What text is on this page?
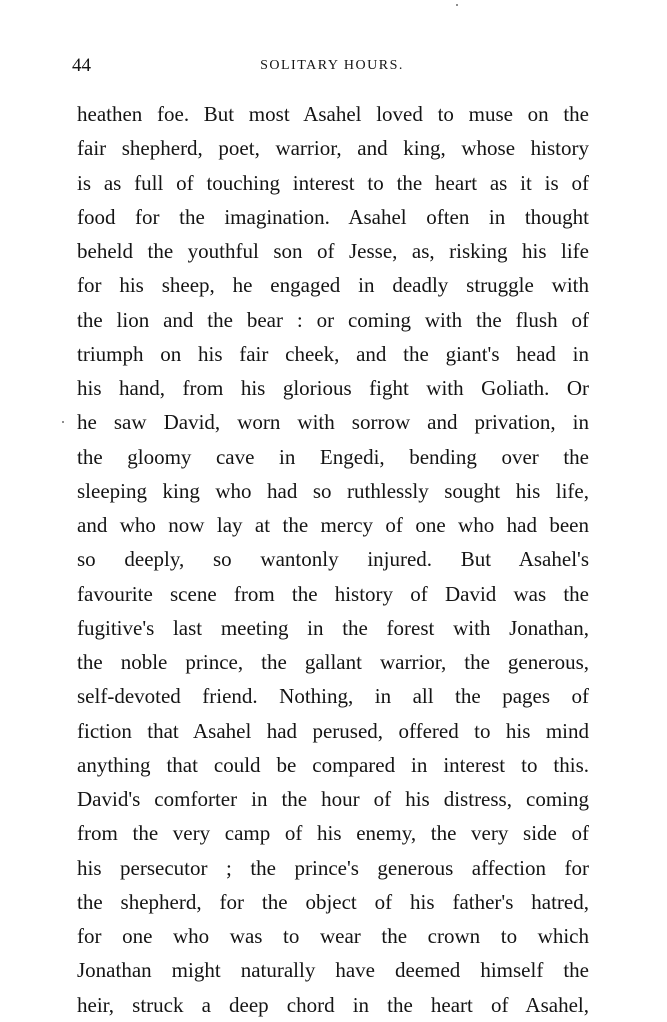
44	SOLITARY HOURS.
heathen foe. But most Asahel loved to muse on the
fair shepherd, poet, warrior, and king, whose history
is as full of touching interest to the heart as it is of
food for the imagination. Asahel often in thought
beheld the youthful son of Jesse, as, risking his life
for his sheep, he engaged in deadly struggle with
the lion and the bear : or coming with the flush of
triumph on his fair cheek, and the giant's head in
his hand, from his glorious fight with Goliath. Or
he saw David, worn with sorrow and privation, in
the gloomy cave in Engedi, bending over the
sleeping king who had so ruthlessly sought his life,
and who now lay at the mercy of one who had been
so deeply, so wantonly injured. But Asahel's
favourite scene from the history of David was the
fugitive's last meeting in the forest with Jonathan,
the noble prince, the gallant warrior, the generous,
self-devoted friend. Nothing, in all the pages of
fiction that Asahel had perused, offered to his mind
anything that could be compared in interest to this.
David's comforter in the hour of his distress, coming
from the very camp of his enemy, the very side of
his persecutor ; the prince's generous affection for
the shepherd, for the object of his father's hatred,
for one who was to wear the crown to which
Jonathan might naturally have deemed himself the
heir, struck a deep chord in the heart of Asahel,
